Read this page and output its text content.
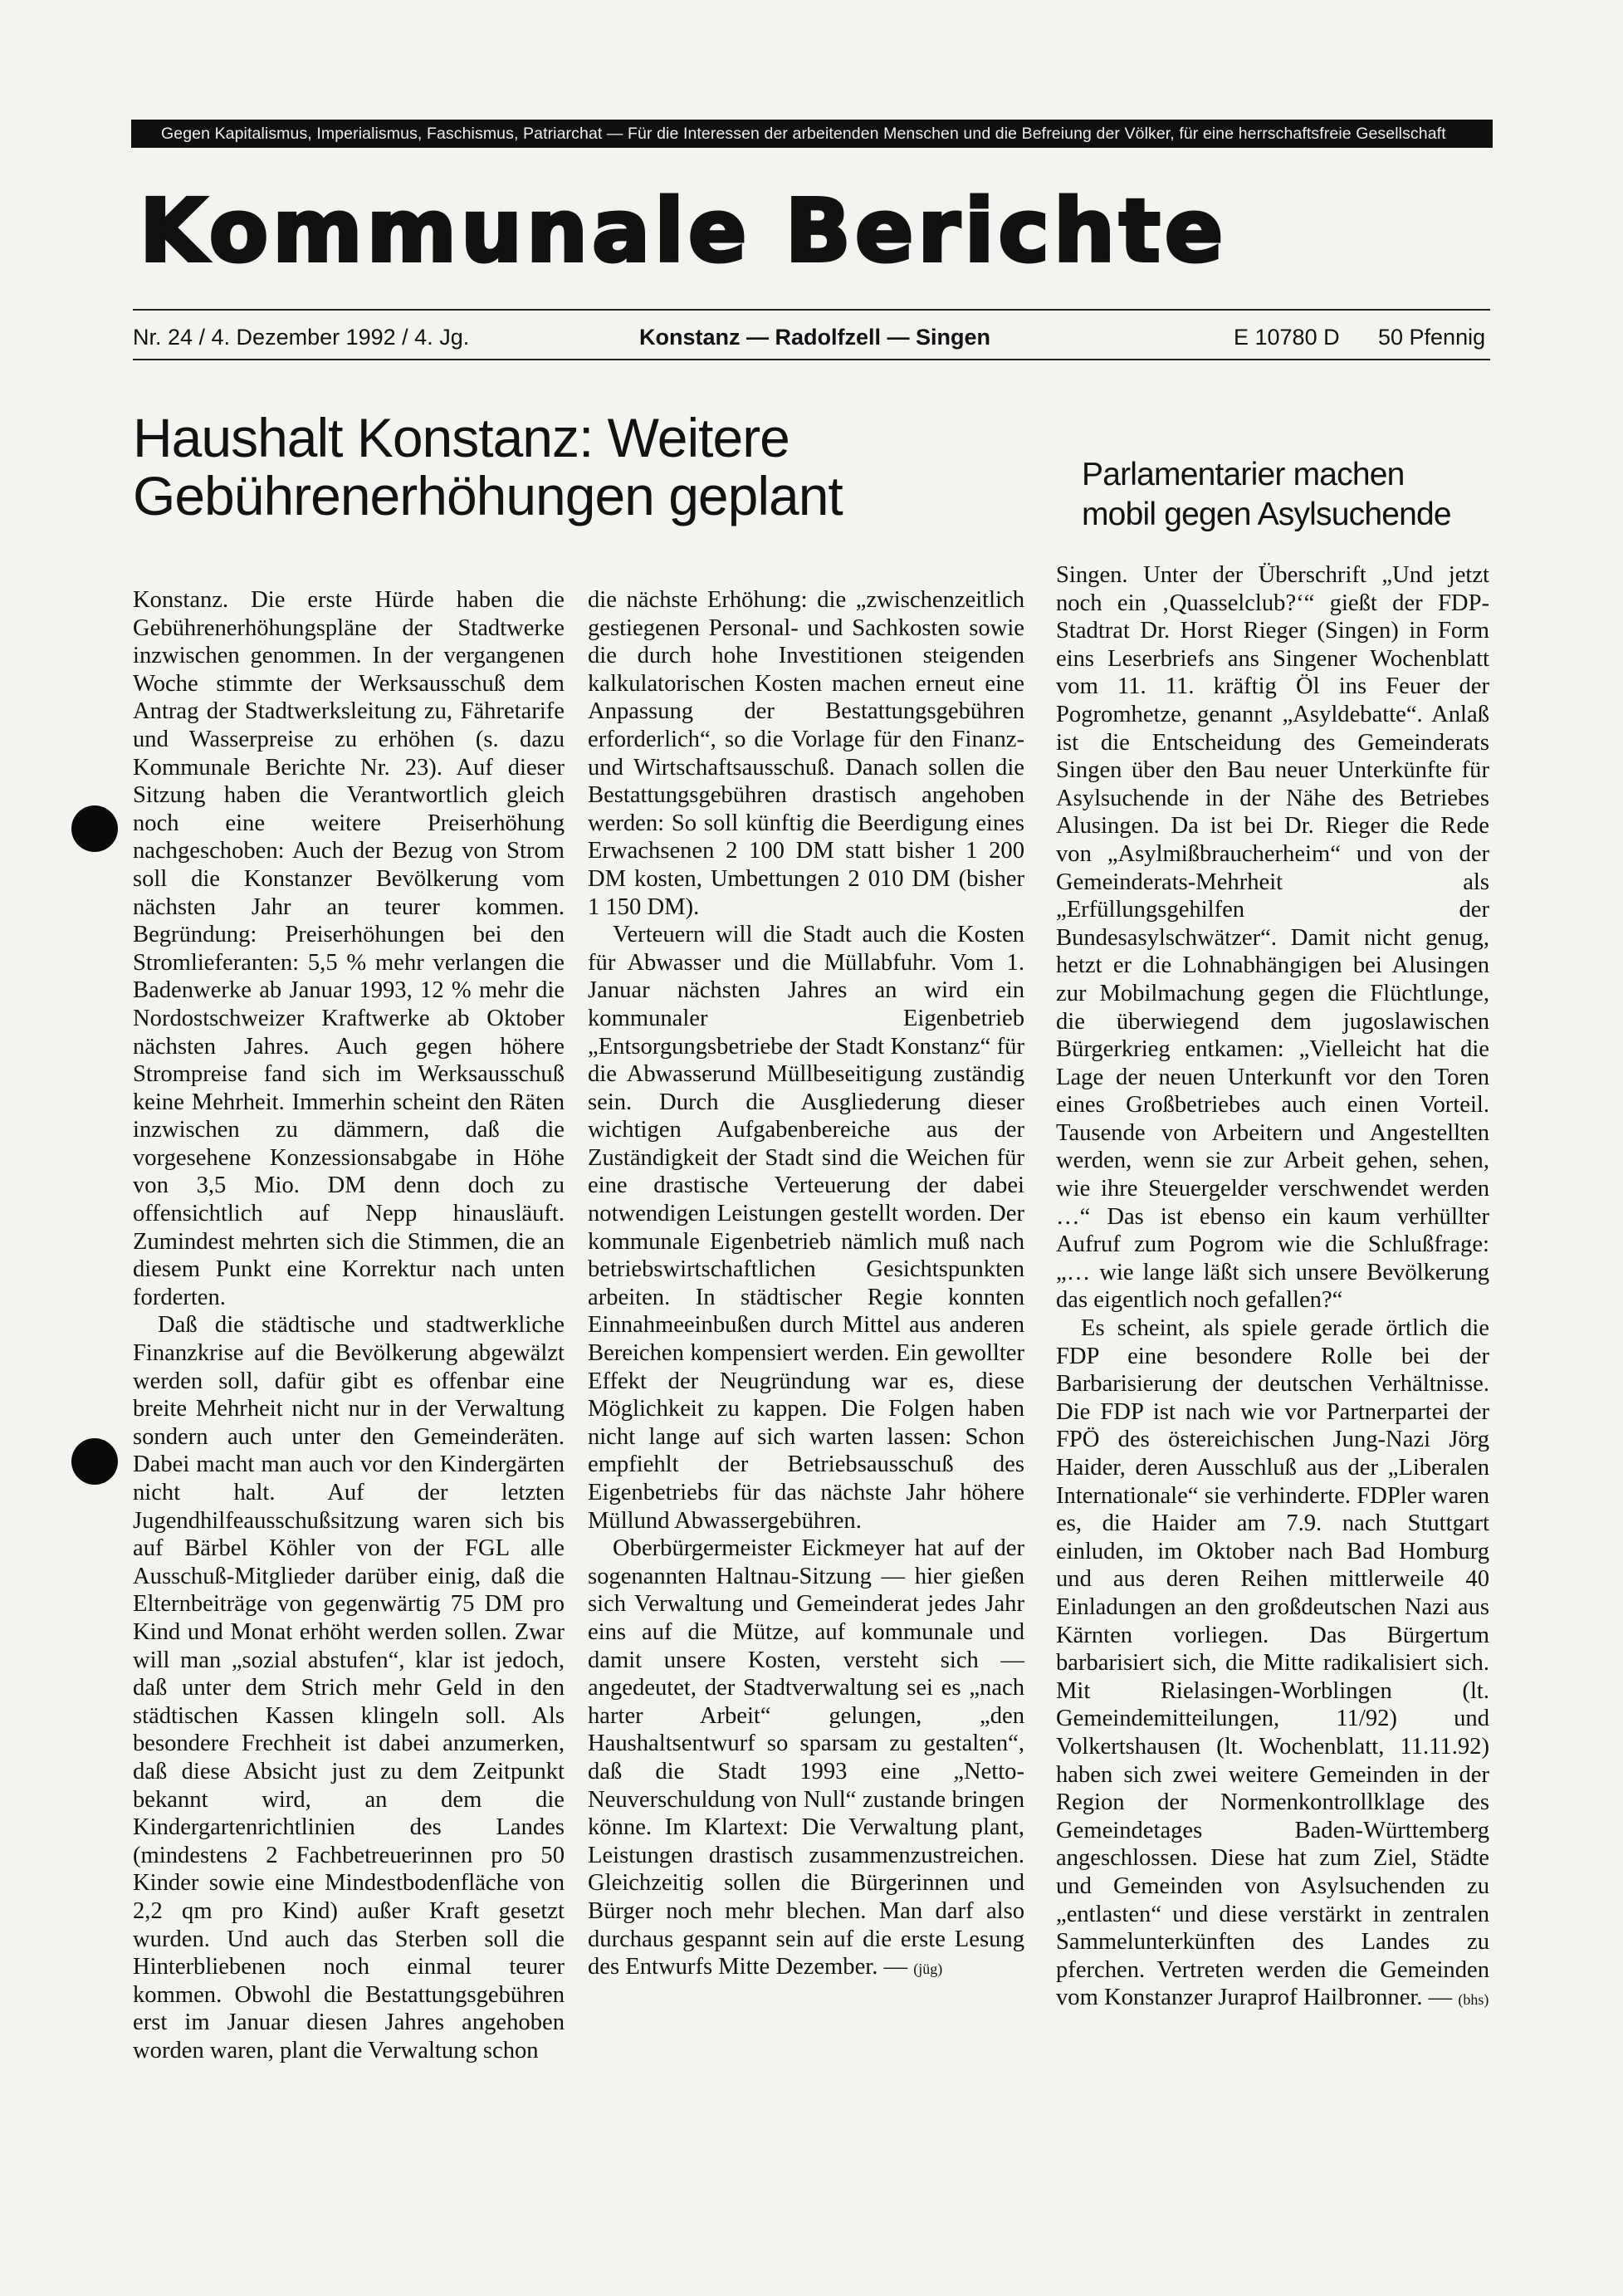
Gegen Kapitalismus, Imperialismus, Faschismus, Patriarchat — Für die Interessen der arbeitenden Menschen und die Befreiung der Völker, für eine herrschaftsfreie Gesellschaft
Kommunale Berichte
Nr. 24 / 4. Dezember 1992 / 4. Jg.	Konstanz — Radolfzell — Singen	E 10780 D 50 Pfennig
Haushalt Konstanz: Weitere
Gebührenerhöhungen geplant	Parlamentarier machen
mobil gegen Asylsuchende

Konstanz. Die erste Hürde haben die Gebührenerhöhungspläne der Stadtwerke inzwischen genommen. In der vergangenen Woche stimmte der Werksausschuß dem Antrag der Stadtwerksleitung zu, Fähretarife und Wasserpreise zu erhöhen (s. dazu Kommunale Berichte Nr. 23). Auf dieser Sitzung haben die Verantwortlich gleich noch eine weitere Preiserhöhung nachgeschoben: Auch der Bezug von Strom soll die Konstanzer Bevölkerung vom nächsten Jahr an teurer kommen. Begründung: Preiserhöhungen bei den Stromlieferanten: 5,5 % mehr verlangen die Badenwerke ab Januar 1993, 12 % mehr die Nordostschweizer Kraftwerke ab Oktober nächsten Jahres. Auch gegen höhere Strompreise fand sich im Werksausschuß keine Mehrheit. Immerhin scheint den Räten inzwischen zu dämmern, daß die vorgesehene Konzessionsabgabe in Höhe von 3,5 Mio. DM denn doch zu offensichtlich auf Nepp hinausläuft. Zumindest mehrten sich die Stimmen, die an diesem Punkt eine Korrektur nach unten forderten.

Daß die städtische und stadtwerkliche Finanzkrise auf die Bevölkerung abgewälzt werden soll, dafür gibt es offenbar eine breite Mehrheit nicht nur in der Verwaltung sondern auch unter den Gemeinderäten. Dabei macht man auch vor den Kindergärten nicht halt. Auf der letzten Jugendhilfeausschußsitzung waren sich bis auf Bärbel Köhler von der FGL alle Ausschuß-Mitglieder darüber einig, daß die Elternbeiträge von gegenwärtig 75 DM pro Kind und Monat erhöht werden sollen. Zwar will man „sozial abstufen“, klar ist jedoch, daß unter dem Strich mehr Geld in den städtischen Kassen klingeln soll. Als besondere Frechheit ist dabei anzumerken, daß diese Absicht just zu dem Zeitpunkt bekannt wird, an dem die Kindergartenrichtlinien des Landes (mindestens 2 Fachbetreuerinnen pro 50 Kinder sowie eine Mindestbodenfläche von 2,2 qm pro Kind) außer Kraft gesetzt wurden. Und auch das Sterben soll die Hinterbliebenen noch einmal teurer kommen. Obwohl die Bestattungsgebühren erst im Januar diesen Jahres angehoben worden waren, plant die Verwaltung schon

die nächste Erhöhung: die „zwischenzeitlich gestiegenen Personal- und Sachkosten sowie die durch hohe Investitionen steigenden kalkulatorischen Kosten machen erneut eine Anpassung der Bestattungsgebühren erforderlich“, so die Vorlage für den Finanz- und Wirtschaftsausschuß. Danach sollen die Bestattungsgebühren drastisch angehoben werden: So soll künftig die Beerdigung eines Erwachsenen 2 100 DM statt bisher 1 200 DM kosten, Umbettungen 2 010 DM (bisher 1 150 DM).

Verteuern will die Stadt auch die Kosten für Abwasser und die Müllabfuhr. Vom 1. Januar nächsten Jahres an wird ein kommunaler Eigenbetrieb „Entsorgungsbetriebe der Stadt Konstanz“ für die Abwasserund Müllbeseitigung zuständig sein. Durch die Ausgliederung dieser wichtigen Aufgabenbereiche aus der Zuständigkeit der Stadt sind die Weichen für eine drastische Verteuerung der dabei notwendigen Leistungen gestellt worden. Der kommunale Eigenbetrieb nämlich muß nach betriebswirtschaftlichen Gesichtspunkten arbeiten. In städtischer Regie konnten Einnahmeeinbußen durch Mittel aus anderen Bereichen kompensiert werden. Ein gewollter Effekt der Neugründung war es, diese Möglichkeit zu kappen. Die Folgen haben nicht lange auf sich warten lassen: Schon empfiehlt der Betriebsausschuß des Eigenbetriebs für das nächste Jahr höhere Müllund Abwassergebühren.

Oberbürgermeister Eickmeyer hat auf der sogenannten Haltnau-Sitzung — hier gießen sich Verwaltung und Gemeinderat jedes Jahr eins auf die Mütze, auf kommunale und damit unsere Kosten, versteht sich — angedeutet, der Stadtverwaltung sei es „nach harter Arbeit“ gelungen, „den Haushaltsentwurf so sparsam zu gestalten“, daß die Stadt 1993 eine „Netto-Neuverschuldung von Null“ zustande bringen könne. Im Klartext: Die Verwaltung plant, Leistungen drastisch zusammenzustreichen. Gleichzeitig sollen die Bürgerinnen und Bürger noch mehr blechen. Man darf also durchaus gespannt sein auf die erste Lesung des Entwurfs Mitte Dezember. — (jüg)

Singen. Unter der Überschrift „Und jetzt noch ein ‚Quasselclub?‘“ gießt der FDP-Stadtrat Dr. Horst Rieger (Singen) in Form eins Leserbriefs ans Singener Wochenblatt vom 11. 11. kräftig Öl ins Feuer der Pogromhetze, genannt „Asyldebatte“. Anlaß ist die Entscheidung des Gemeinderats Singen über den Bau neuer Unterkünfte für Asylsuchende in der Nähe des Betriebes Alusingen. Da ist bei Dr. Rieger die Rede von „Asylmißbraucherheim“ und von der Gemeinderats-Mehrheit als „Erfüllungsgehilfen der Bundesasylschwätzer“. Damit nicht genug, hetzt er die Lohnabhängigen bei Alusingen zur Mobilmachung gegen die Flüchtlunge, die überwiegend dem jugoslawischen Bürgerkrieg entkamen: „Vielleicht hat die Lage der neuen Unterkunft vor den Toren eines Großbetriebes auch einen Vorteil. Tausende von Arbeitern und Angestellten werden, wenn sie zur Arbeit gehen, sehen, wie ihre Steuergelder verschwendet werden …“ Das ist ebenso ein kaum verhüllter Aufruf zum Pogrom wie die Schlußfrage: „… wie lange läßt sich unsere Bevölkerung das eigentlich noch gefallen?“

Es scheint, als spiele gerade örtlich die FDP eine besondere Rolle bei der Barbarisierung der deutschen Verhältnisse. Die FDP ist nach wie vor Partnerpartei der FPÖ des östereichischen Jung-Nazi Jörg Haider, deren Ausschluß aus der „Liberalen Internationale“ sie verhinderte. FDPler waren es, die Haider am 7.9. nach Stuttgart einluden, im Oktober nach Bad Homburg und aus deren Reihen mittlerweile 40 Einladungen an den großdeutschen Nazi aus Kärnten vorliegen. Das Bürgertum barbarisiert sich, die Mitte radikalisiert sich. Mit Rielasingen-Worblingen (lt. Gemeindemitteilungen, 11/92) und Volkertshausen (lt. Wochenblatt, 11.11.92) haben sich zwei weitere Gemeinden in der Region der Normenkontrollklage des Gemeindetages Baden-Württemberg angeschlossen. Diese hat zum Ziel, Städte und Gemeinden von Asylsuchenden zu „entlasten“ und diese verstärkt in zentralen Sammelunterkünften des Landes zu pferchen. Vertreten werden die Gemeinden vom Konstanzer Juraprof Hailbronner. — (bhs)
